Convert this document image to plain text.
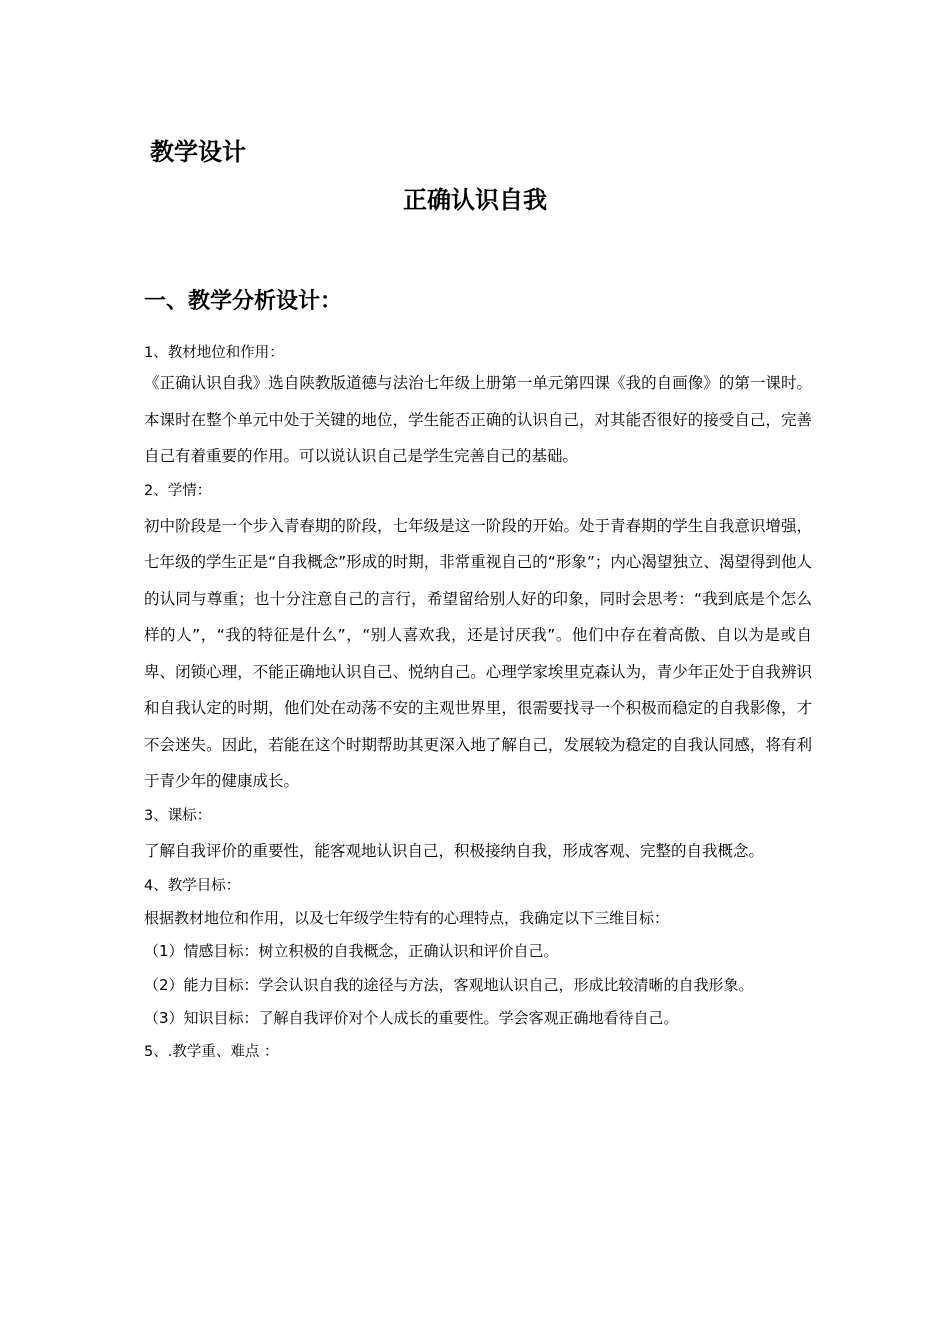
教学设计
正确认识自我
一、教学分析设计：
1、教材地位和作用：

《正确认识自我》选自陕教版道德与法治七年级上册第一单元第四课《我的自画像》的第一课时。本课时在整个单元中处于关键的地位，学生能否正确的认识自己，对其能否很好的接受自己，完善自己有着重要的作用。可以说认识自己是学生完善自己的基础。

2、学情：

初中阶段是一个步入青春期的阶段，七年级是这一阶段的开始。处于青春期的学生自我意识增强，七年级的学生正是“自我概念”形成的时期，非常重视自己的“形象”；内心渴望独立、渴望得到他人的认同与尊重；也十分注意自己的言行，希望留给别人好的印象，同时会思考：“我到底是个怎么样的人”，“我的特征是什么”，“别人喜欢我，还是讨厌我”。他们中存在着高傲、自以为是或自卑、闭锁心理，不能正确地认识自己、悦纳自己。心理学家埃里克森认为，青少年正处于自我辨识和自我认定的时期，他们处在动荡不安的主观世界里，很需要找寻一个积极而稳定的自我影像，才不会迷失。因此，若能在这个时期帮助其更深入地了解自己，发展较为稳定的自我认同感，将有利于青少年的健康成长。

3、课标：

了解自我评价的重要性，能客观地认识自己，积极接纳自我，形成客观、完整的自我概念。

4、教学目标：

根据教材地位和作用，以及七年级学生特有的心理特点，我确定以下三维目标：

（1）情感目标：树立积极的自我概念，正确认识和评价自己。

（2）能力目标：学会认识自我的途径与方法，客观地认识自己，形成比较清晰的自我形象。

（3）知识目标：了解自我评价对个人成长的重要性。学会客观正确地看待自己。

5、.教学重、难点 ：
